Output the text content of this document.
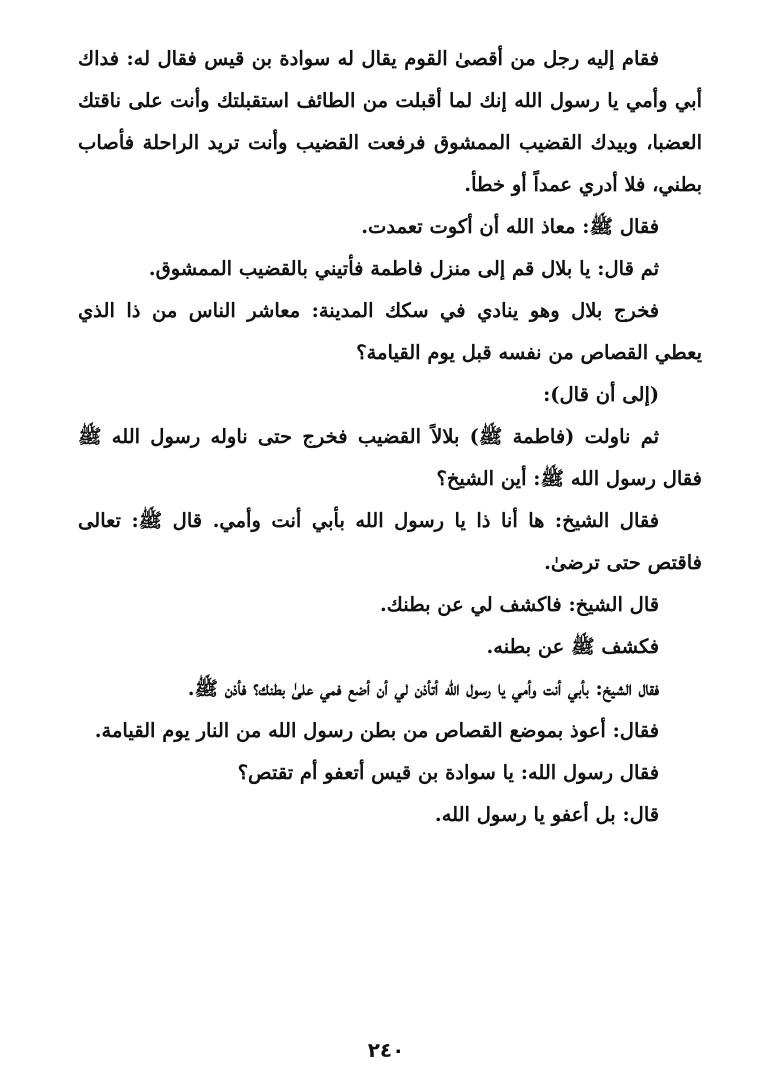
فقام إليه رجل من أقصىٰ القوم يقال له سوادة بن قيس فقال له: فداك أبي وأمي يا رسول الله إنك لما أقبلت من الطائف استقبلتك وأنت على ناقتك العضبا، وبيدك القضيب الممشوق فرفعت القضيب وأنت تريد الراحلة فأصاب بطني، فلا أدري عمداً أو خطأ.

فقال ﷺ: معاذ الله أن أكوت تعمدت.

ثم قال: يا بلال قم إلى منزل فاطمة فأتيني بالقضيب الممشوق.

فخرج بلال وهو ينادي في سكك المدينة: معاشر الناس من ذا الذي يعطي القصاص من نفسه قبل يوم القيامة؟

(إلى أن قال):

ثم ناولت (فاطمة ﷺ) بلالاً القضيب فخرج حتى ناوله رسول الله ﷺ فقال رسول الله ﷺ: أين الشيخ؟

فقال الشيخ: ها أنا ذا يا رسول الله بأبي أنت وأمي. قال ﷺ: تعالى فاقتص حتى ترضىٰ.

قال الشيخ: فاكشف لي عن بطنك.

فكشف ﷺ عن بطنه.

فقال الشيخ: بأبي أنت وأمي يا رسول الله أتأذن لي أن أضع فمي علىٰ بطنك؟ فأذن ﷺ.

فقال: أعوذ بموضع القصاص من بطن رسول الله من النار يوم القيامة.

فقال رسول الله: يا سوادة بن قيس أتعفو أم تقتص؟

قال: بل أعفو يا رسول الله.

٢٤٠
